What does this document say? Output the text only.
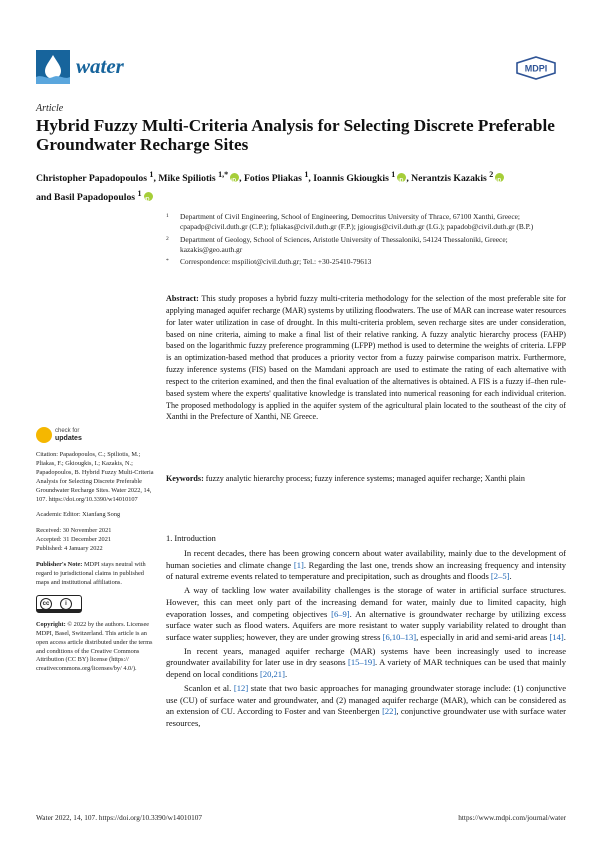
water	MDPI
Article
Hybrid Fuzzy Multi-Criteria Analysis for Selecting Discrete Preferable Groundwater Recharge Sites
Christopher Papadopoulos $^1$, Mike Spiliotis $^{1,*}$ iD , Fotios Pliakas $^1$, Ioannis Gkiougkis $^1$ iD , Nerantzis Kazakis $^2$iD
and Basil Papadopoulos $^1$iD
1 Department of Civil Engineering, School of Engineering, Democritus University of Thrace, 67100 Xanthi, Greece; cpapadp@civil.duth.gr (C.P.); fpliakas@civil.duth.gr (F.P.); jgiougis@civil.duth.gr (I.G.); papadob@civil.duth.gr (B.P.)
2 Department of Geology, School of Sciences, Aristotle University of Thessaloniki, 54124 Thessaloniki, Greece; kazakis@geo.auth.gr
* Correspondence: mspiliot@civil.duth.gr; Tel.: +30-25410-79613
Abstract: This study proposes a hybrid fuzzy multi-criteria methodology for the selection of the most preferable site for applying managed aquifer recharge (MAR) systems by utilizing floodwaters. The use of MAR can increase water resources for later water utilization in case of drought. In this multi-criteria problem, seven recharge sites are under consideration, based on nine criteria, aiming to make a final list of their relative ranking. A fuzzy analytic hierarchy process (FAHP) based on the logarithmic fuzzy preference programming (LFPP) method is used to determine the weights of criteria. LFPP is an optimization-based method that produces a priority vector from a fuzzy pairwise comparison matrix. Furthermore, fuzzy inference systems (FIS) based on the Mamdani approach are used to estimate the rating of each alternative with respect to the criterion examined, and then the final evaluation of the alternatives is obtained. A FIS is a fuzzy if–then rule-based system where the experts' qualitative knowledge is translated into numerical reasoning for each individual criterion. The proposed methodology is applied in the aquifer system of the agricultural plain located to the southeast of the city of Xanthi in the Prefecture of Xanthi, NE Greece.
Keywords: fuzzy analytic hierarchy process; fuzzy inference systems; managed aquifer recharge; Xanthi plain
check for
updates
Citation: Papadopoulos, C.; Spiliotis, M.; Pliakas, F.; Gkiougkis, I.; Kazakis, N.; Papadopoulos, B. Hybrid Fuzzy Multi-Criteria Analysis for Selecting Discrete Preferable Groundwater Recharge Sites. Water 2022, 14, 107. https://doi.org/10.3390/w14010107
Academic Editor: Xianfang Song
Received: 30 November 2021
Accepted: 31 December 2021
Published: 4 January 2022
Publisher's Note: MDPI stays neutral with regard to jurisdictional claims in published maps and institutional affiliations.
cc	i
Copyright: © 2022 by the authors. Licensee MDPI, Basel, Switzerland. This article is an open access article distributed under the terms and conditions of the Creative Commons Attribution (CC BY) license (https:// creativecommons.org/licenses/by/ 4.0/).
1. Introduction

In recent decades, there has been growing concern about water availability, mainly due to the development of human societies and climate change [1]. Regarding the last one, trends show an increasing frequency and intensity of natural extreme events related to temperature and precipitation, such as droughts and floods [2–5].

A way of tackling low water availability challenges is the storage of water in artificial surface structures. However, this can meet only part of the increasing demand for water, mainly due to limited capacity, high evaporation losses, and competing objectives [6–9]. An alternative is groundwater recharge by utilizing excess surface water such as flood waters. Aquifers are more resistant to water supply variability related to drought than surface water supplies; however, they are under growing stress [6,10–13], especially in arid and semi-arid areas [14].

In recent years, managed aquifer recharge (MAR) systems have been increasingly used to increase groundwater availability for later use in dry seasons [15–19]. A variety of MAR techniques can be used that mainly depend on local conditions [20,21].

Scanlon et al. [12] state that two basic approaches for managing groundwater storage include: (1) conjunctive use (CU) of surface water and groundwater, and (2) managed aquifer recharge (MAR), which can be considered as an extension of CU. According to Foster and van Steenbergen [22], conjunctive groundwater use with surface water resources,

Water 2022, 14, 107. https://doi.org/10.3390/w14010107	https://www.mdpi.com/journal/water
